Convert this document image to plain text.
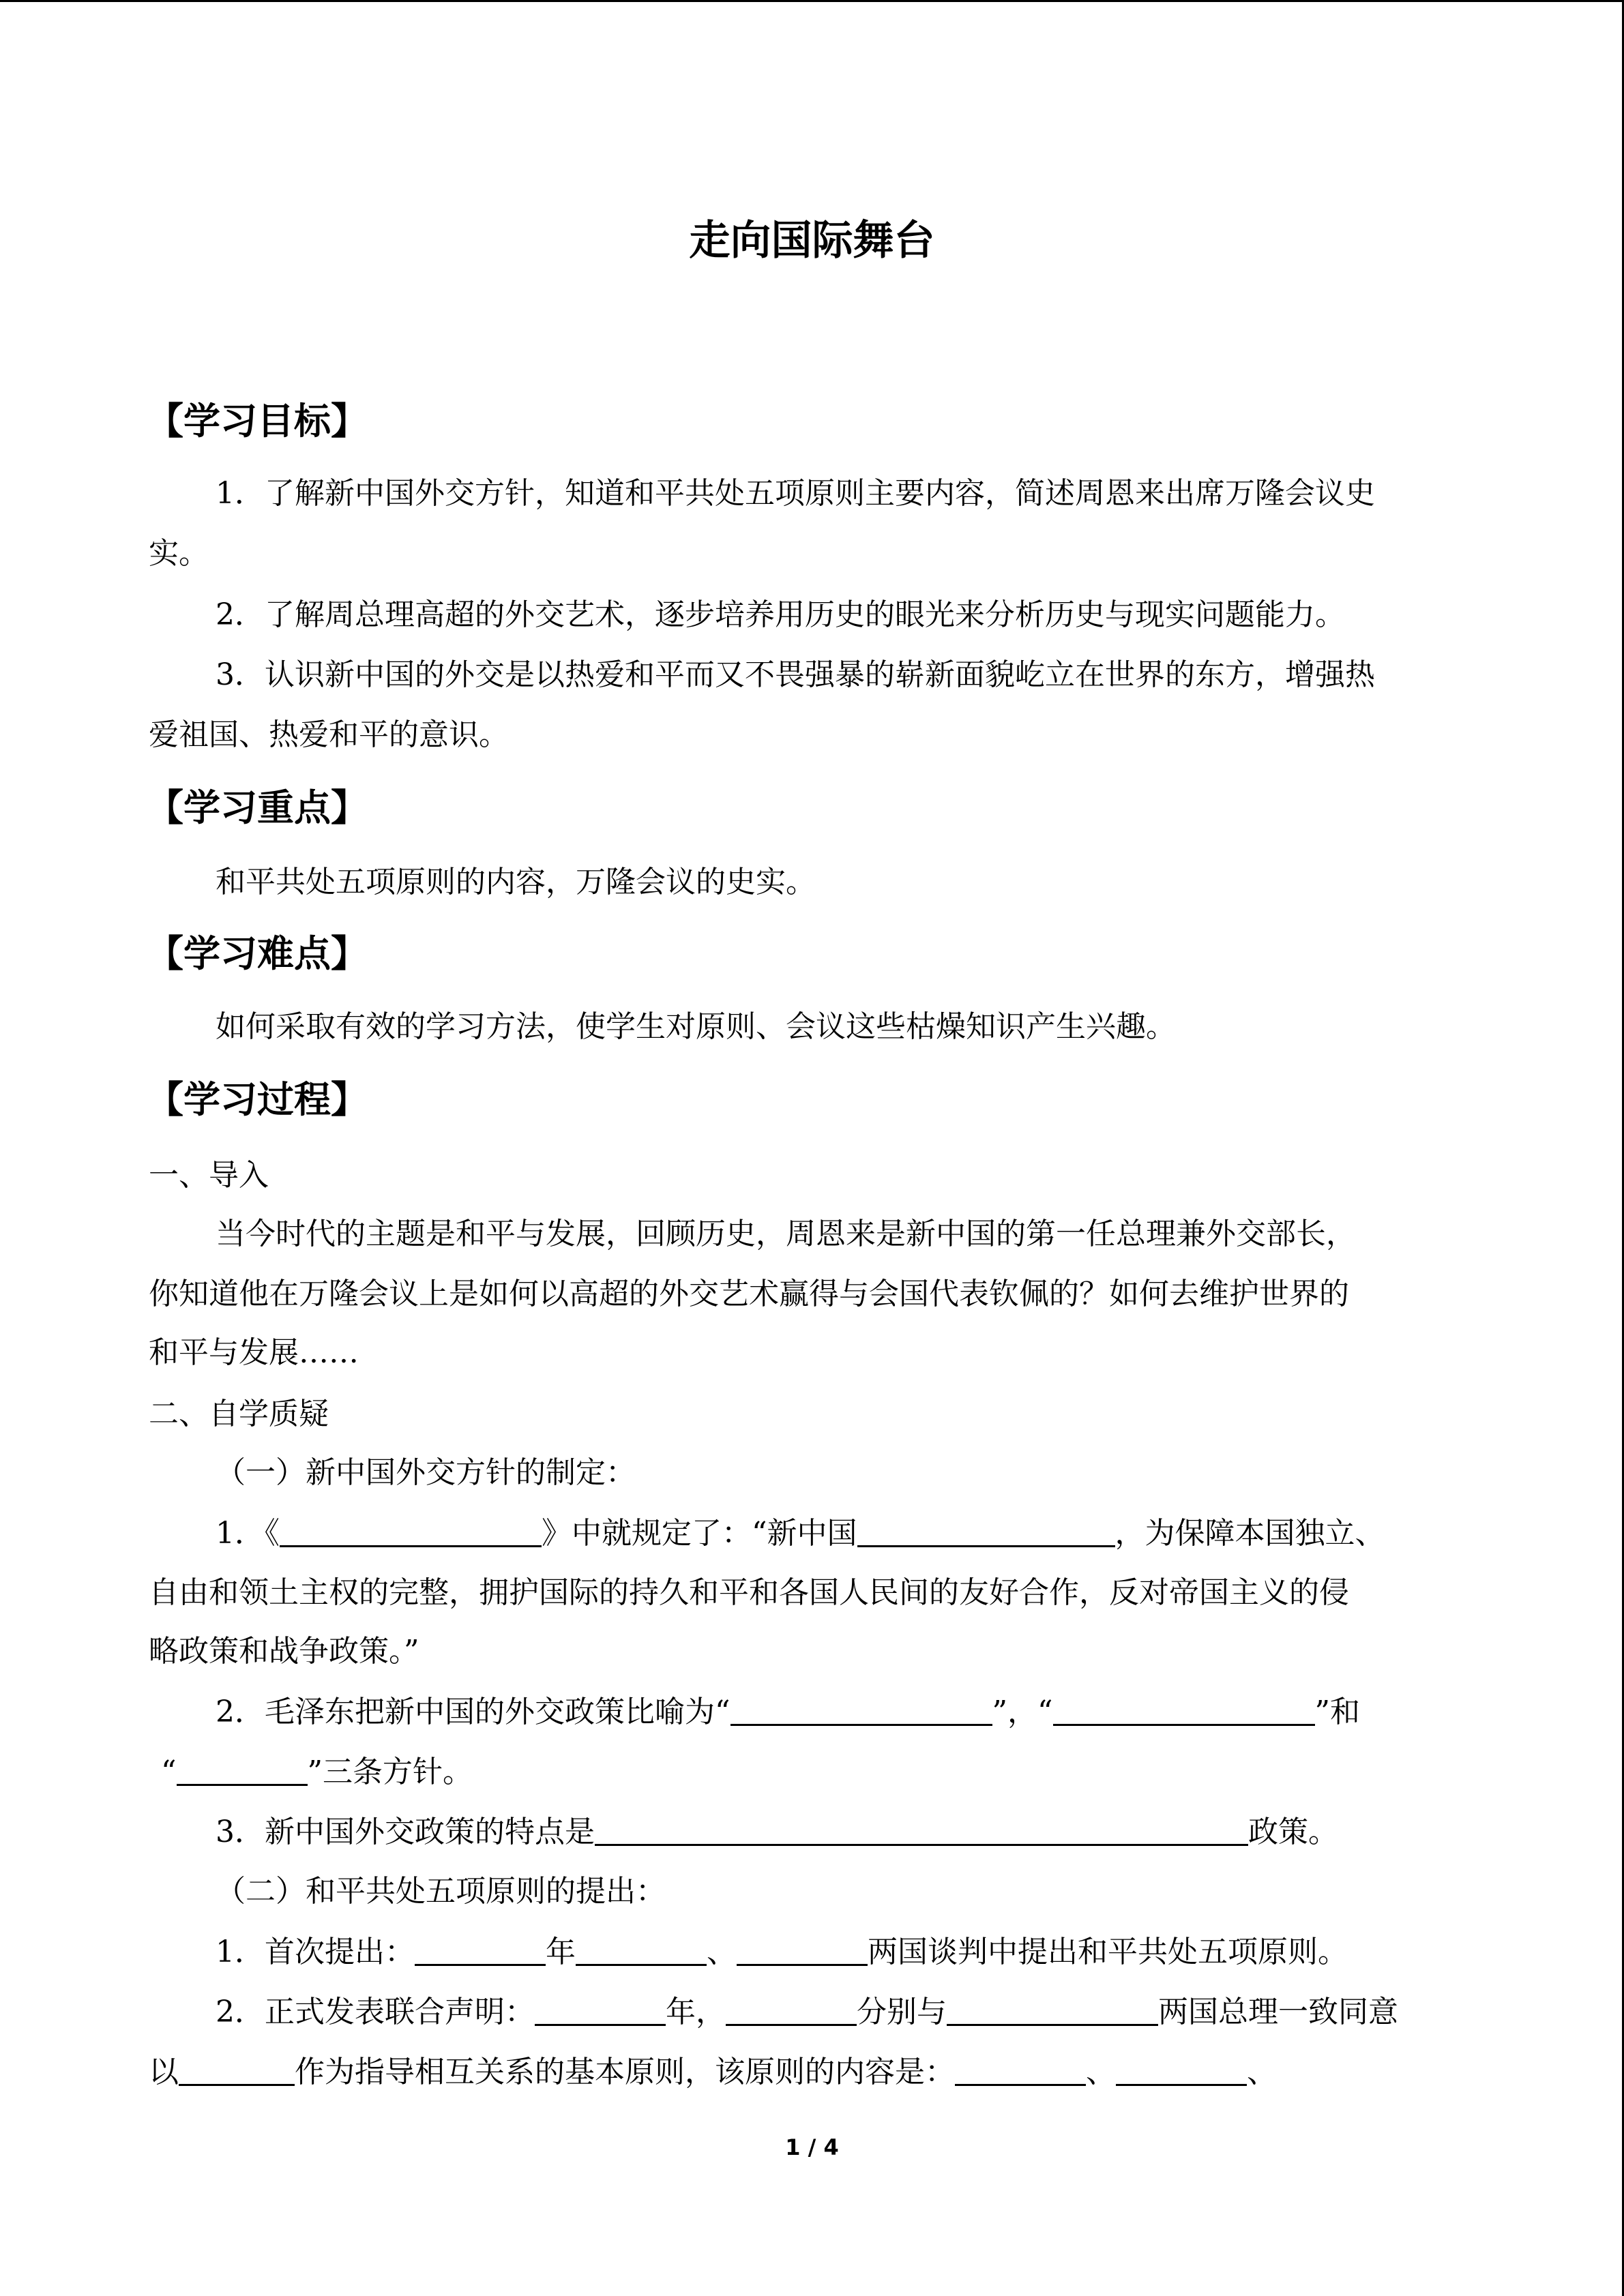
走向国际舞台
【学习目标】
1．了解新中国外交方针，知道和平共处五项原则主要内容，简述周恩来出席万隆会议史
实。
2．了解周总理高超的外交艺术，逐步培养用历史的眼光来分析历史与现实问题能力。
3．认识新中国的外交是以热爱和平而又不畏强暴的崭新面貌屹立在世界的东方，增强热
爱祖国、热爱和平的意识。
【学习重点】
和平共处五项原则的内容，万隆会议的史实。
【学习难点】
如何采取有效的学习方法，使学生对原则、会议这些枯燥知识产生兴趣。
【学习过程】
一、导入
当今时代的主题是和平与发展，回顾历史，周恩来是新中国的第一任总理兼外交部长，
你知道他在万隆会议上是如何以高超的外交艺术赢得与会国代表钦佩的？如何去维护世界的
和平与发展……
二、自学质疑
（一）新中国外交方针的制定：
1．《	》中就规定了：“新中国	，为保障本国独立、
自由和领土主权的完整，拥护国际的持久和平和各国人民间的友好合作，反对帝国主义的侵
略政策和战争政策。”
2．毛泽东把新中国的外交政策比喻为“	”，“	”和
“	”三条方针。
3．新中国外交政策的特点是	政策。
（二）和平共处五项原则的提出：
1．首次提出：	年	、	两国谈判中提出和平共处五项原则。
2．正式发表联合声明：	年，	分别与	两国总理一致同意
以	作为指导相互关系的基本原则，该原则的内容是：	、	、
1 / 4
